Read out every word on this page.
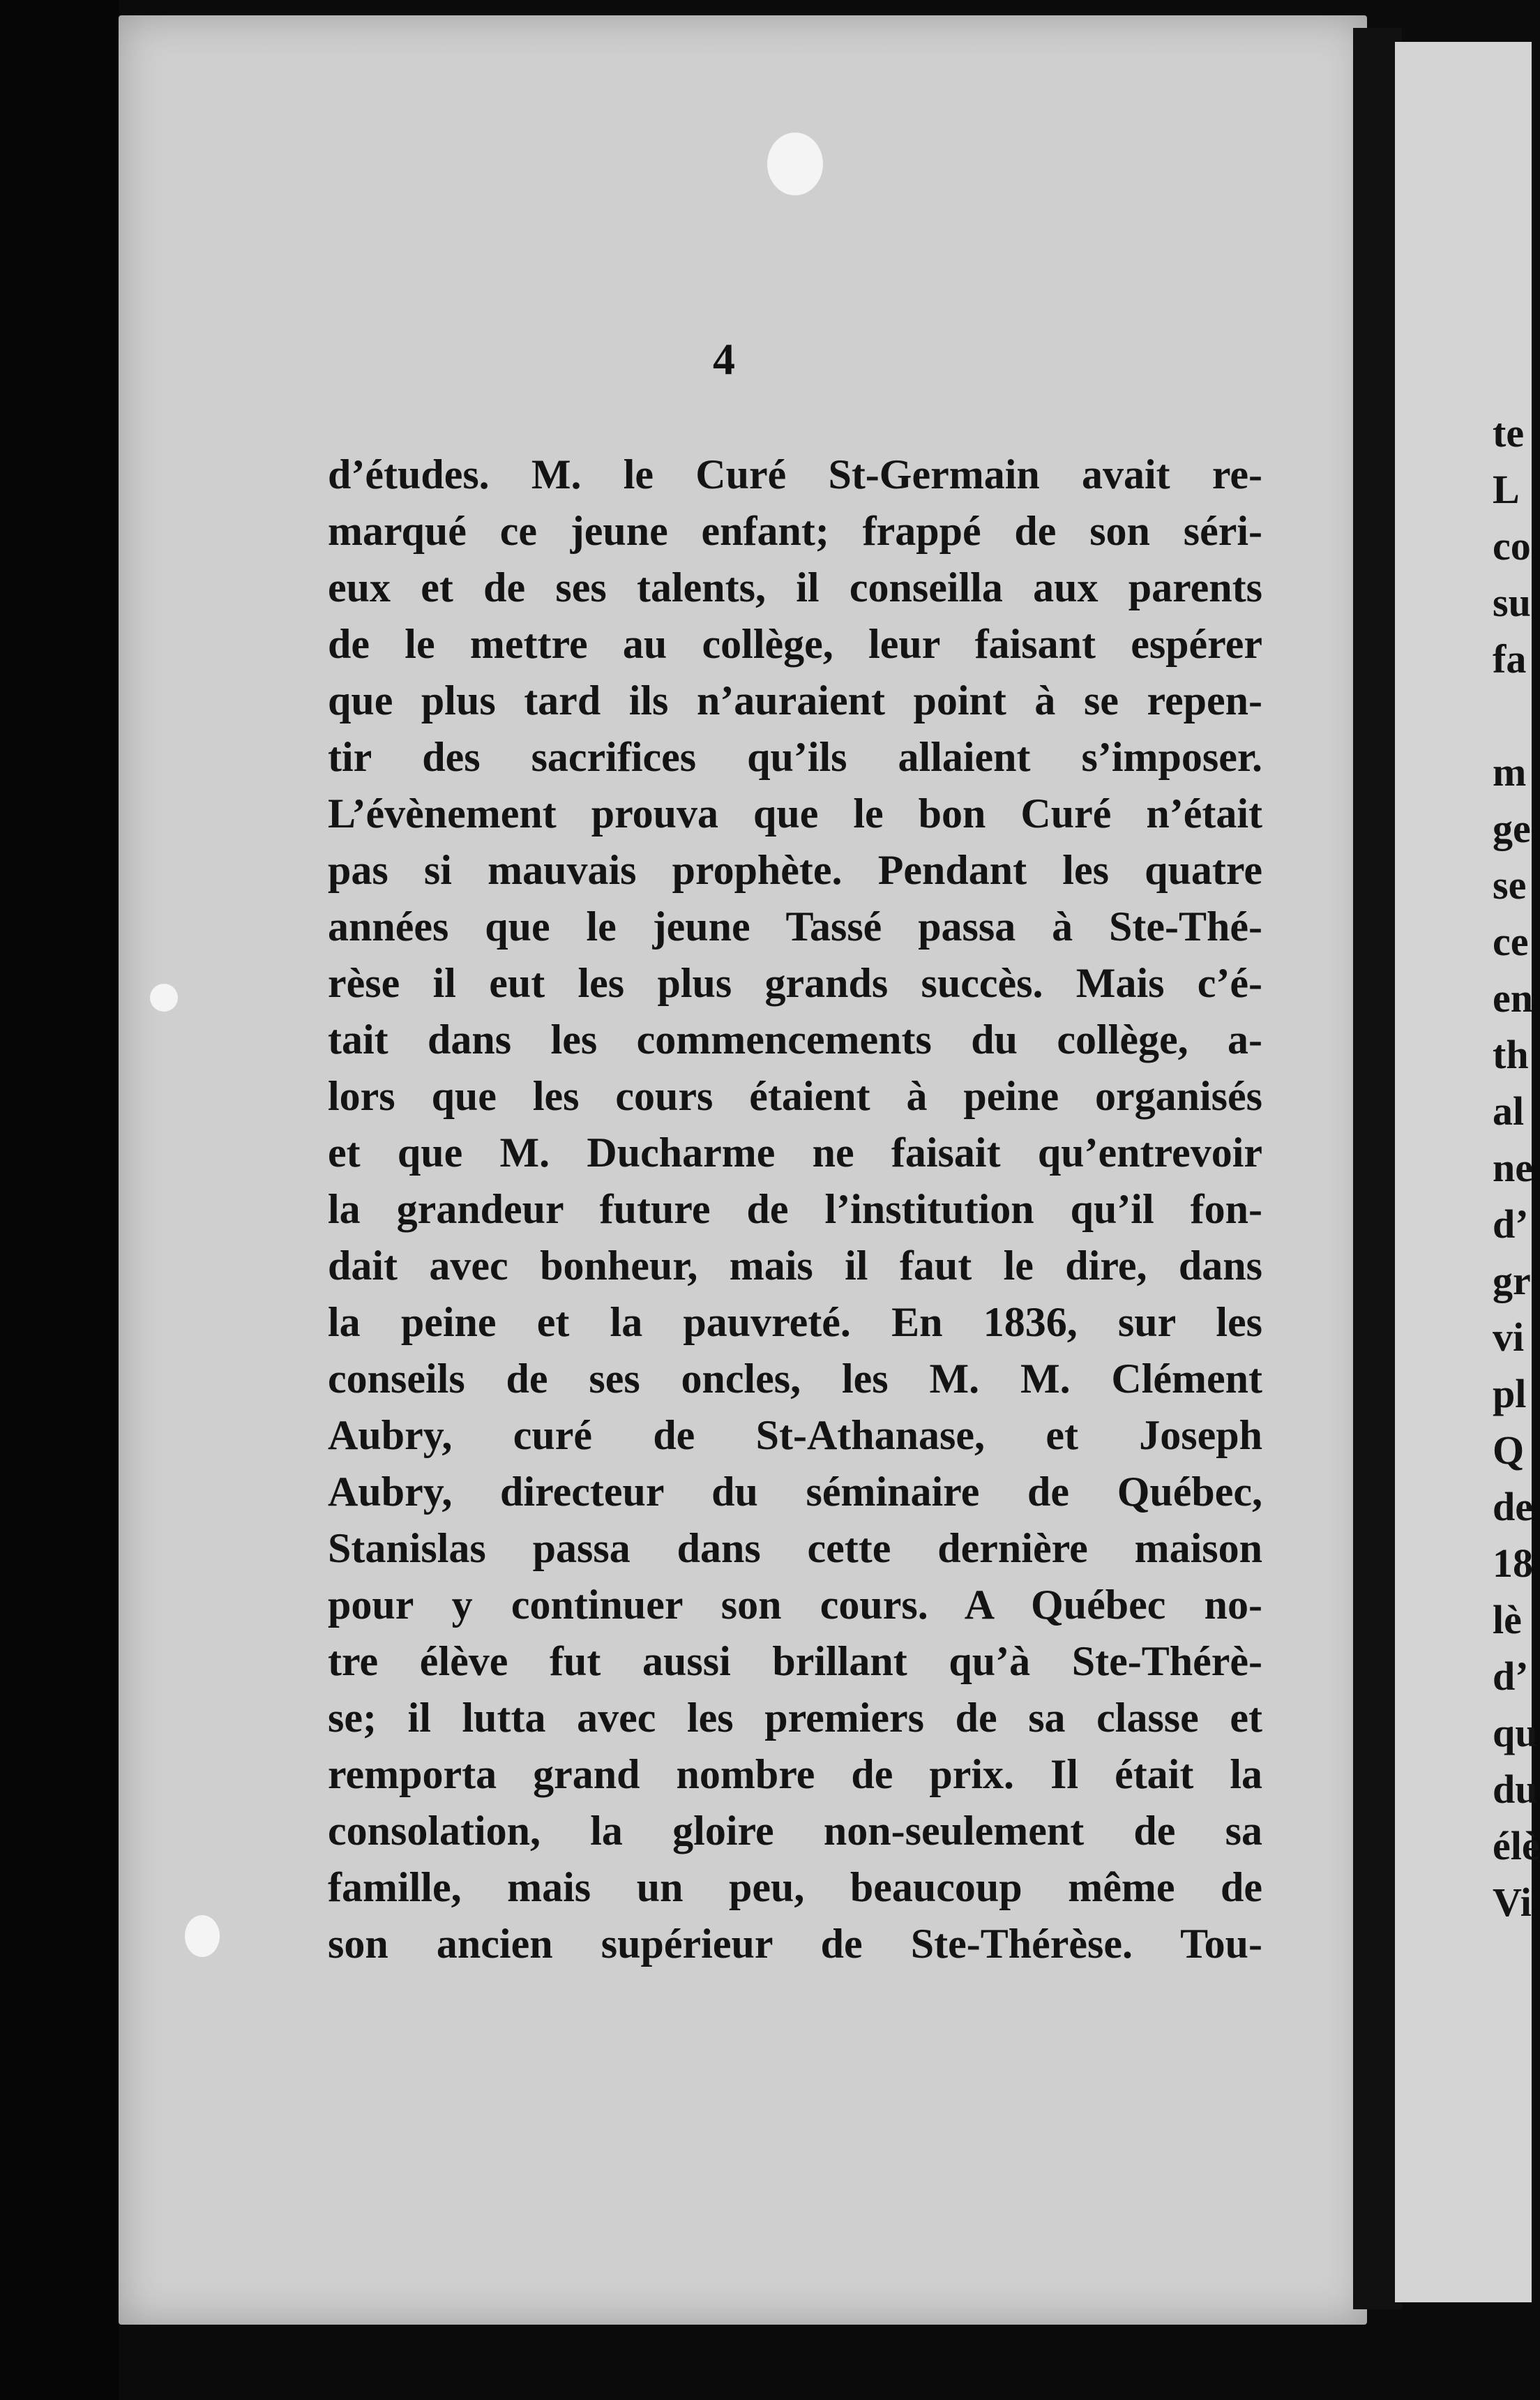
4
d’études. M. le Curé St-Germain avait re-
marqué ce jeune enfant; frappé de son séri-
eux et de ses talents, il conseilla aux parents
de le mettre au collège, leur faisant espérer
que plus tard ils n’auraient point à se repen-
tir des sacrifices qu’ils allaient s’imposer.
L’évènement prouva que le bon Curé n’était
pas si mauvais prophète. Pendant les quatre
années que le jeune Tassé passa à Ste-Thé-
rèse il eut les plus grands succès. Mais c’é-
tait dans les commencements du collège, a-
lors que les cours étaient à peine organisés
et que M. Ducharme ne faisait qu’entrevoir
la grandeur future de l’institution qu’il fon-
dait avec bonheur, mais il faut le dire, dans
la peine et la pauvreté. En 1836, sur les
conseils de ses oncles, les M. M. Clément
Aubry, curé de St-Athanase, et Joseph
Aubry, directeur du séminaire de Québec,
Stanislas passa dans cette dernière maison
pour y continuer son cours. A Québec no-
tre élève fut aussi brillant qu’à Ste-Thérè-
se; il lutta avec les premiers de sa classe et
remporta grand nombre de prix. Il était la
consolation, la gloire non-seulement de sa
famille, mais un peu, beaucoup même de
son ancien supérieur de Ste-Thérèse. Tou-
te
L
co
su
fa
m
ge
se
ce
en
th
al
ne
d’
gr
vi
pl
Q
de
18
lè
d’
qu
du
élè
Vi
